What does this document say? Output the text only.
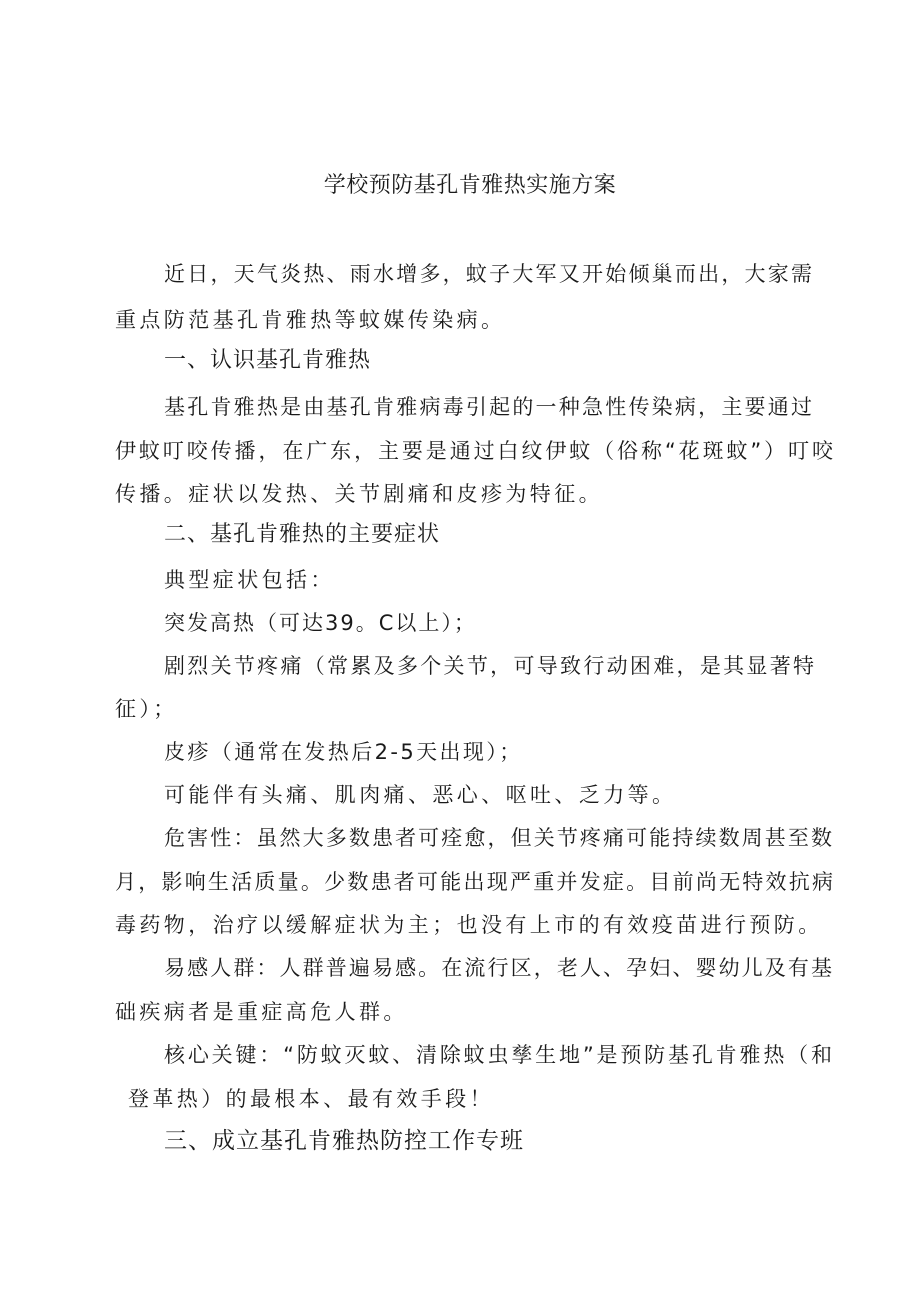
学校预防基孔肯雅热实施方案
近日，天气炎热、雨水增多，蚊子大军又开始倾巢而出，大家需
重点防范基孔肯雅热等蚊媒传染病。
一、认识基孔肯雅热
基孔肯雅热是由基孔肯雅病毒引起的一种急性传染病，主要通过
伊蚊叮咬传播，在广东，主要是通过白纹伊蚊（俗称“花斑蚊”）叮咬
传播。症状以发热、关节剧痛和皮疹为特征。
二、基孔肯雅热的主要症状
典型症状包括：
突发高热（可达39。C以上）；
剧烈关节疼痛（常累及多个关节，可导致行动困难，是其显著特
征）；
皮疹（通常在发热后2-5天出现）；
可能伴有头痛、肌肉痛、恶心、呕吐、乏力等。
危害性：虽然大多数患者可痊愈，但关节疼痛可能持续数周甚至数
月，影响生活质量。少数患者可能出现严重并发症。目前尚无特效抗病
毒药物，治疗以缓解症状为主；也没有上市的有效疫苗进行预防。
易感人群：人群普遍易感。在流行区，老人、孕妇、婴幼儿及有基
础疾病者是重症高危人群。
核心关键：“防蚊灭蚊、清除蚊虫孳生地”是预防基孔肯雅热（和
登革热）的最根本、最有效手段！
三、成立基孔肯雅热防控工作专班
